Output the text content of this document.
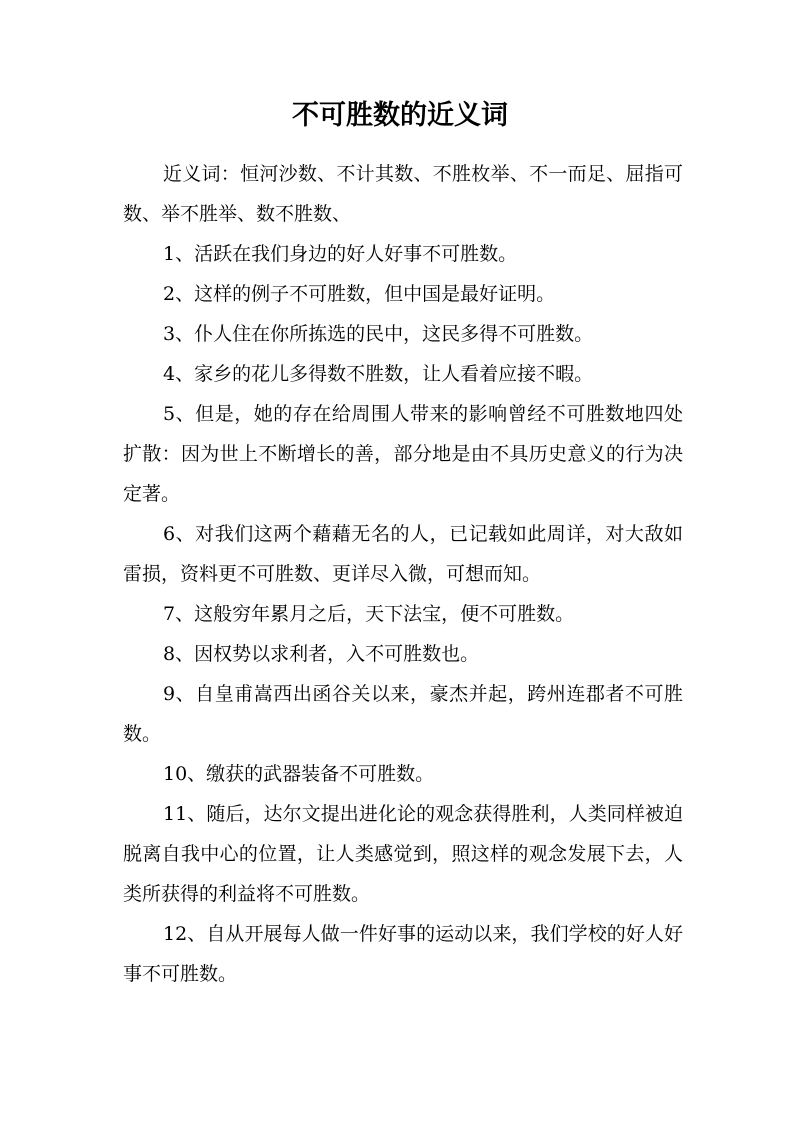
不可胜数的近义词

近义词：恒河沙数、不计其数、不胜枚举、不一而足、屈指可数、举不胜举、数不胜数、

1、活跃在我们身边的好人好事不可胜数。

2、这样的例子不可胜数，但中国是最好证明。

3、仆人住在你所拣选的民中，这民多得不可胜数。

4、家乡的花儿多得数不胜数，让人看着应接不暇。

5、但是，她的存在给周围人带来的影响曾经不可胜数地四处扩散：因为世上不断增长的善，部分地是由不具历史意义的行为决定著。

6、对我们这两个藉藉无名的人，已记载如此周详，对大敌如雷损，资料更不可胜数、更详尽入微，可想而知。

7、这般穷年累月之后，天下法宝，便不可胜数。

8、因权势以求利者，入不可胜数也。

9、自皇甫嵩西出函谷关以来，豪杰并起，跨州连郡者不可胜数。

10、缴获的武器装备不可胜数。

11、随后，达尔文提出进化论的观念获得胜利，人类同样被迫脱离自我中心的位置，让人类感觉到，照这样的观念发展下去，人类所获得的利益将不可胜数。

12、自从开展每人做一件好事的运动以来，我们学校的好人好事不可胜数。
